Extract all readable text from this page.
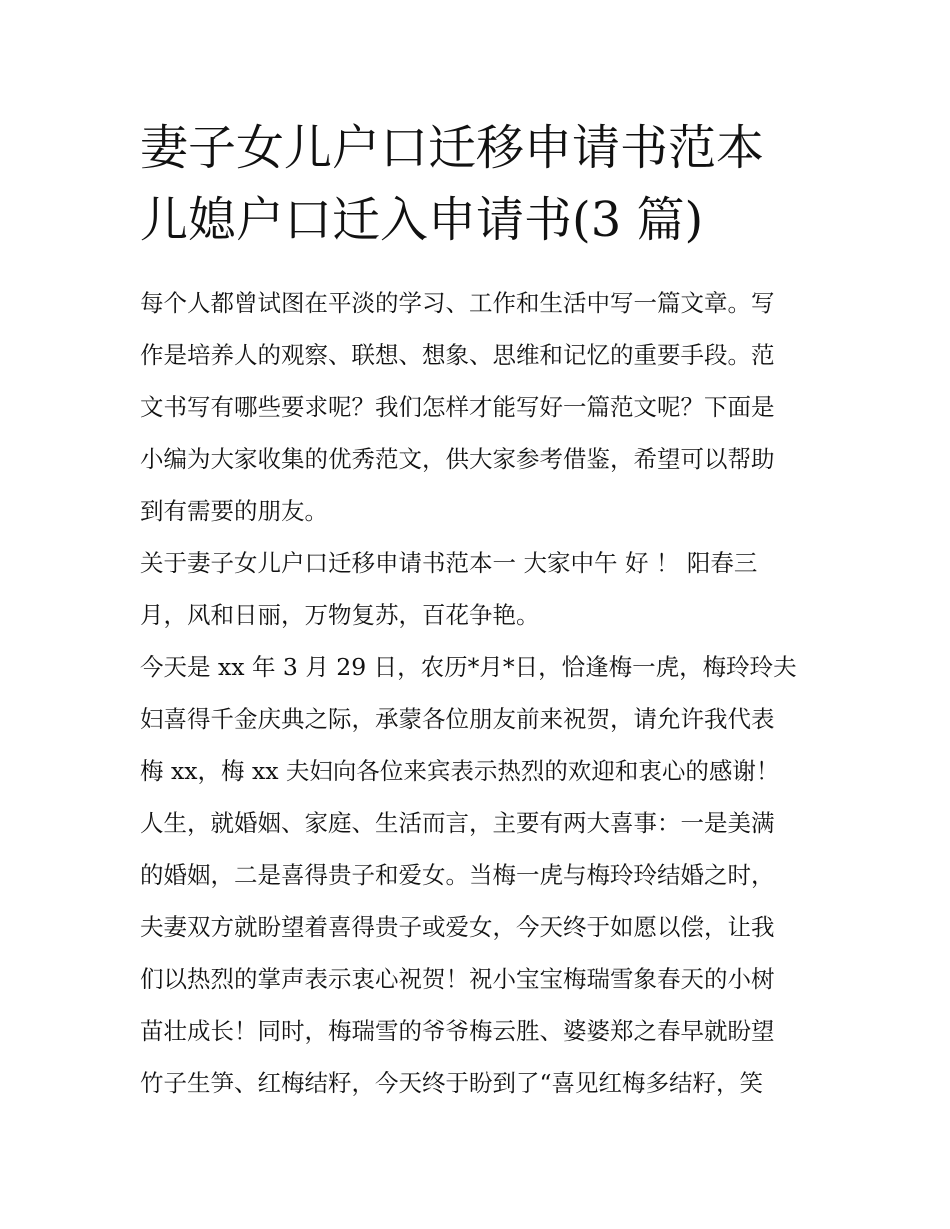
妻子女儿户口迁移申请书范本
儿媳户口迁入申请书(3 篇)
每个人都曾试图在平淡的学习、工作和生活中写一篇文章。写
作是培养人的观察、联想、想象、思维和记忆的重要手段。范
文书写有哪些要求呢？我们怎样才能写好一篇范文呢？下面是
小编为大家收集的优秀范文，供大家参考借鉴，希望可以帮助
到有需要的朋友。
关于妻子女儿户口迁移申请书范本一 大家中午 好 ！ 阳春三
月，风和日丽，万物复苏，百花争艳。
今天是 xx 年 3 月 29 日，农历*月*日，恰逢梅一虎，梅玲玲夫
妇喜得千金庆典之际，承蒙各位朋友前来祝贺，请允许我代表
梅 xx，梅 xx 夫妇向各位来宾表示热烈的欢迎和衷心的感谢！
人生，就婚姻、家庭、生活而言，主要有两大喜事：一是美满
的婚姻，二是喜得贵子和爱女。当梅一虎与梅玲玲结婚之时，
夫妻双方就盼望着喜得贵子或爱女，今天终于如愿以偿，让我
们以热烈的掌声表示衷心祝贺！祝小宝宝梅瑞雪象春天的小树
苗壮成长！同时，梅瑞雪的爷爷梅云胜、婆婆郑之春早就盼望
竹子生笋、红梅结籽，今天终于盼到了“喜见红梅多结籽，笑
